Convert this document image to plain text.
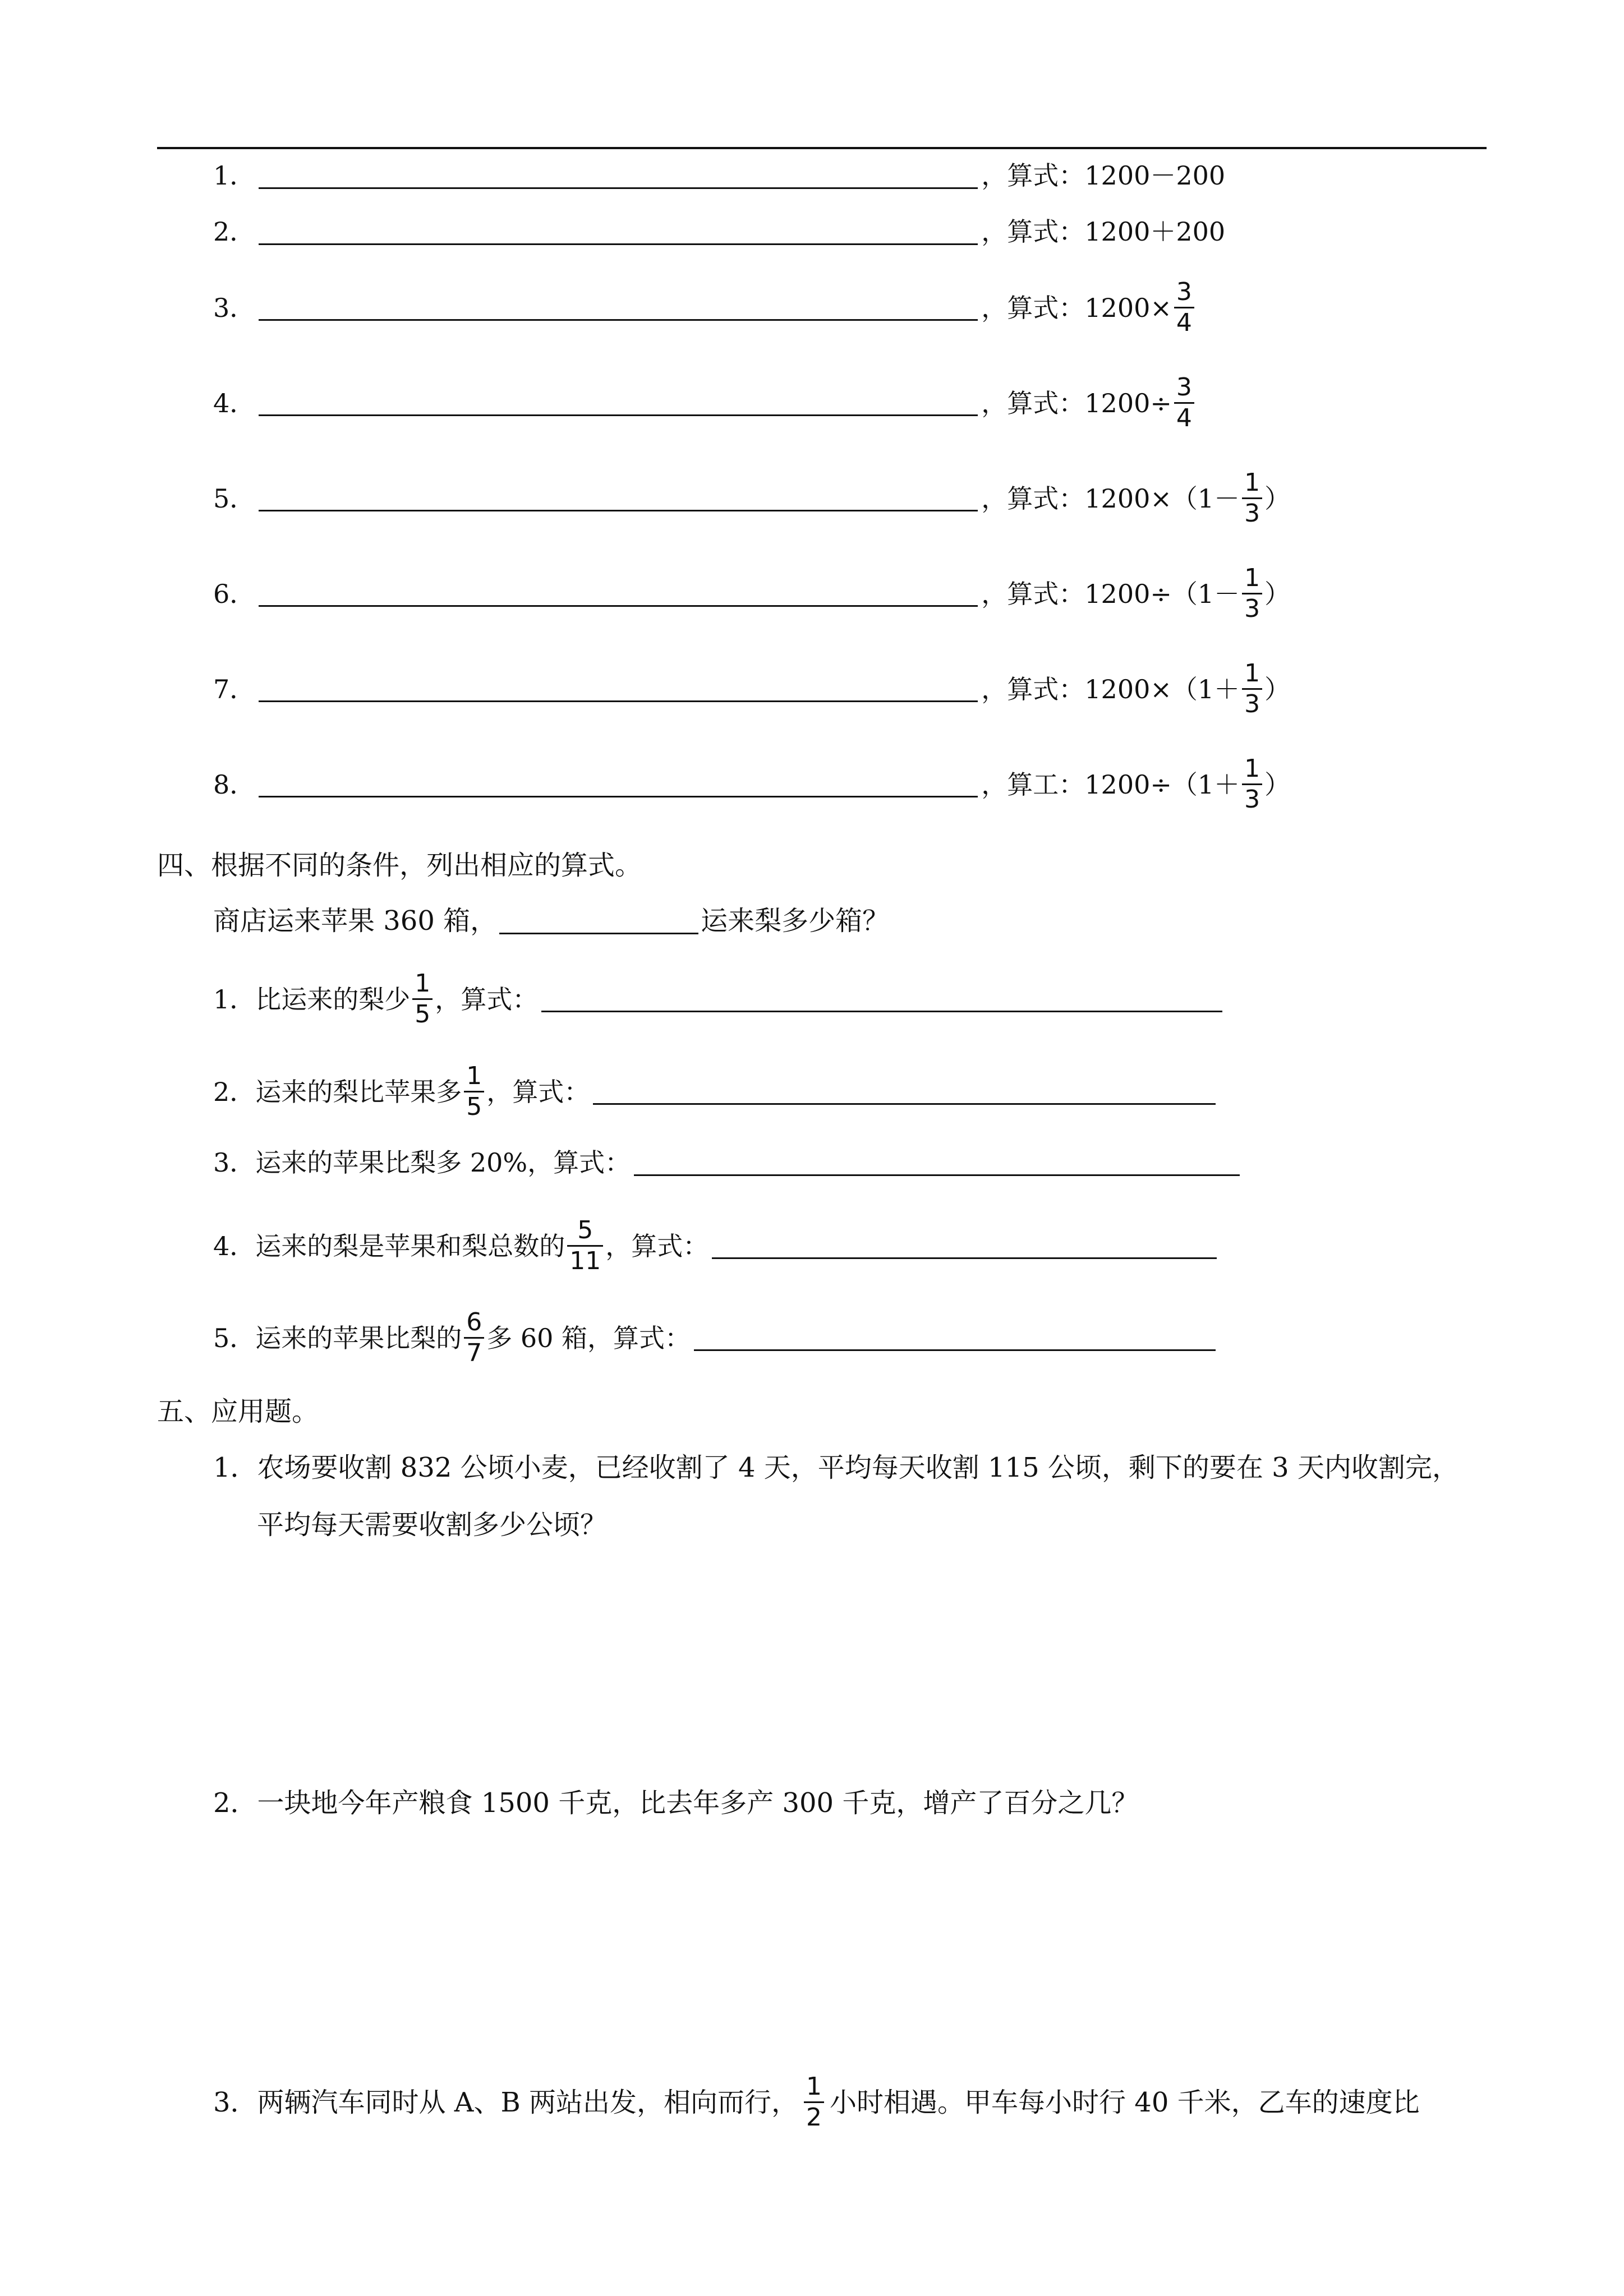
1．	，算式： 1200－200
2．	，算式： 1200＋200
3．	，算式： $1200\times \frac{3}{4}$
4．	，算式： $1200\div \frac{3}{4}$
5．	，算式： $1200\times(1- \frac{1}{3}$ ）
6．	，算式： $1200\div(1- \frac{1}{3}$ ）
7．	，算式： $1200\times(1+ \frac{1}{3}$ ）
8．	，算工： $1200\div(1+ \frac{1}{3}$ ）
四、根据不同的条件，列出相应的算式。
商店运来苹果 360 箱，	运来梨多少箱？
1． 比运来的梨少 $\frac{1}{5}$ ，算式：
2． 运来的梨比苹果多 $\frac{1}{5}$ ，算式：
3． 运来的苹果比梨多 20%，算式：
4． 运来的梨是苹果和梨总数的 $\frac{5}{11}$ ，算式：
5． 运来的苹果比梨的 $\frac{6}{7}$ 多 60 箱，算式：
五、应用题。
1．农场要收割 832 公顷小麦，已经收割了 4 天，平均每天收割 115 公顷，剩下的要在 3 天内收割完，
平均每天需要收割多少公顷？
2．一块地今年产粮食 1500 千克，比去年多产 300 千克，增产了百分之几？
3． 两辆汽车同时从 A、B 两站出发，相向而行， $\frac{1}{2}$ 小时相遇。甲车每小时行 40 千米，乙车的速度比
